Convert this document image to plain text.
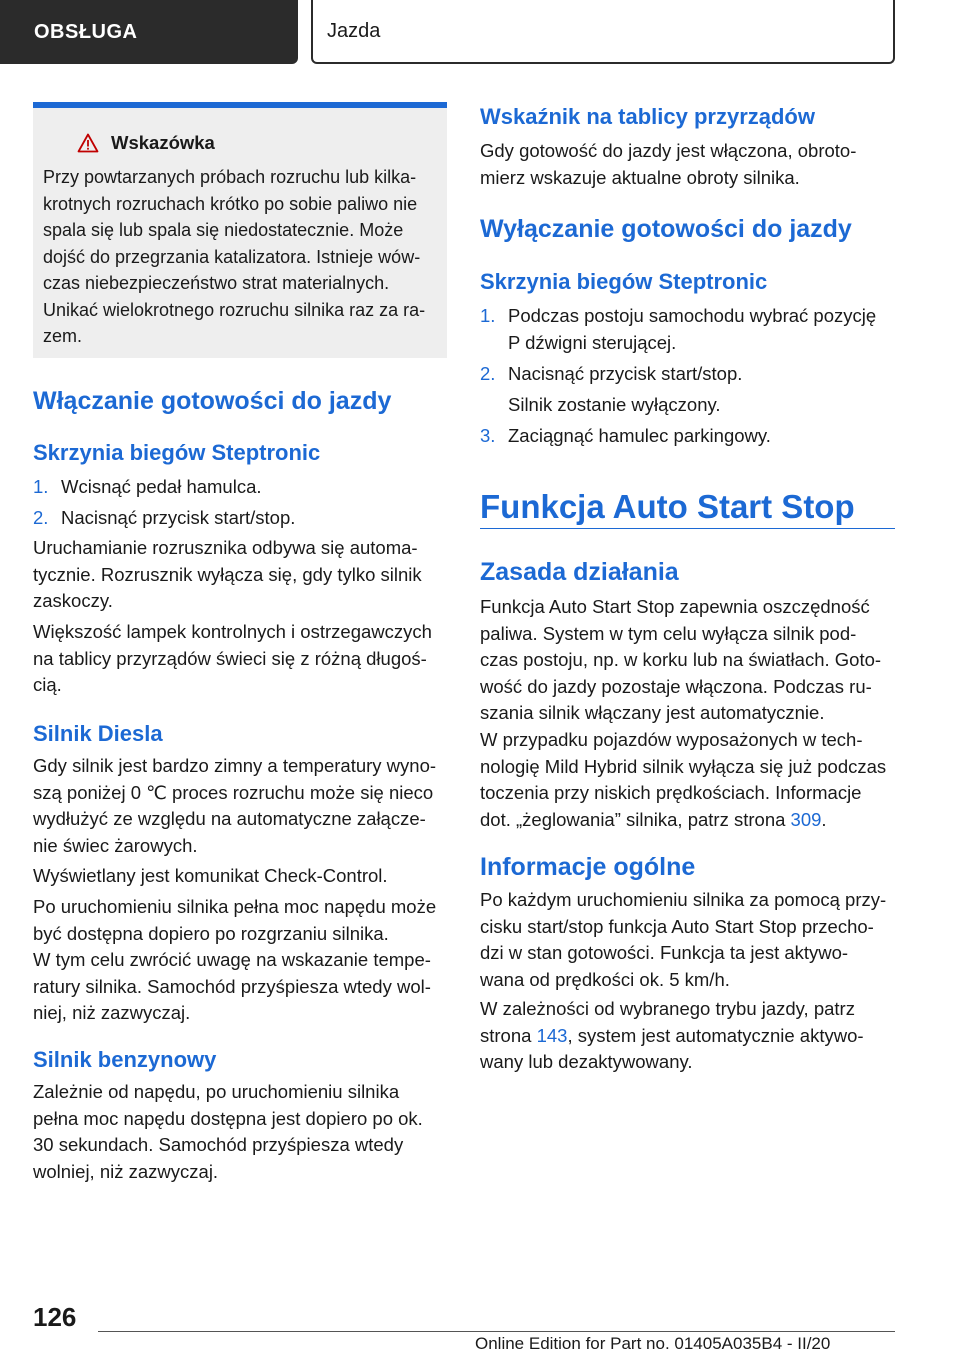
OBSŁUGA	Jazda
Wskazówka

Przy powtarzanych próbach rozruchu lub kilka-

krotnych rozruchach krótko po sobie paliwo nie

spala się lub spala się niedostatecznie. Może

dojść do przegrzania katalizatora. Istnieje wów-

czas niebezpieczeństwo strat materialnych.

Unikać wielokrotnego rozruchu silnika raz za ra-

zem.

Włączanie gotowości do jazdy
Skrzynia biegów Steptronic
1. Wcisnąć pedał hamulca.
2. Nacisnąć przycisk start/stop.

Uruchamianie rozrusznika odbywa się automa-

tycznie. Rozrusznik wyłącza się, gdy tylko silnik

zaskoczy.

Większość lampek kontrolnych i ostrzegawczych

na tablicy przyrządów świeci się z różną długoś-

cią.

Silnik Diesla

Gdy silnik jest bardzo zimny a temperatury wyno-

szą poniżej 0 ℃ proces rozruchu może się nieco

wydłużyć ze względu na automatyczne załącze-

nie świec żarowych.

Wyświetlany jest komunikat Check-Control.

Po uruchomieniu silnika pełna moc napędu może

być dostępna dopiero po rozgrzaniu silnika.

W tym celu zwrócić uwagę na wskazanie tempe-

ratury silnika. Samochód przyśpiesza wtedy wol-

niej, niż zazwyczaj.

Silnik benzynowy

Zależnie od napędu, po uruchomieniu silnika

pełna moc napędu dostępna jest dopiero po ok.

30 sekundach. Samochód przyśpiesza wtedy

wolniej, niż zazwyczaj.

Wskaźnik na tablicy przyrządów

Gdy gotowość do jazdy jest włączona, obroto-

mierz wskazuje aktualne obroty silnika.

Wyłączanie gotowości do jazdy
Skrzynia biegów Steptronic
1. Podczas postoju samochodu wybrać pozycję
P dźwigni sterującej.
2. Nacisnąć przycisk start/stop.

Silnik zostanie wyłączony.

3. Zaciągnąć hamulec parkingowy.
Funkcja Auto Start Stop
Zasada działania

Funkcja Auto Start Stop zapewnia oszczędność

paliwa. System w tym celu wyłącza silnik pod-

czas postoju, np. w korku lub na światłach. Goto-

wość do jazdy pozostaje włączona. Podczas ru-

szania silnik włączany jest automatycznie.

W przypadku pojazdów wyposażonych w tech-

nologię Mild Hybrid silnik wyłącza się już podczas

toczenia przy niskich prędkościach. Informacje

dot. „żeglowania” silnika, patrz strona 309.

Informacje ogólne

Po każdym uruchomieniu silnika za pomocą przy-

cisku start/stop funkcja Auto Start Stop przecho-

dzi w stan gotowości. Funkcja ta jest aktywo-

wana od prędkości ok. 5 km/h.

W zależności od wybranego trybu jazdy, patrz

strona 143, system jest automatycznie aktywo-

wany lub dezaktywowany.

126
Online Edition for Part no. 01405A035B4 - II/20
